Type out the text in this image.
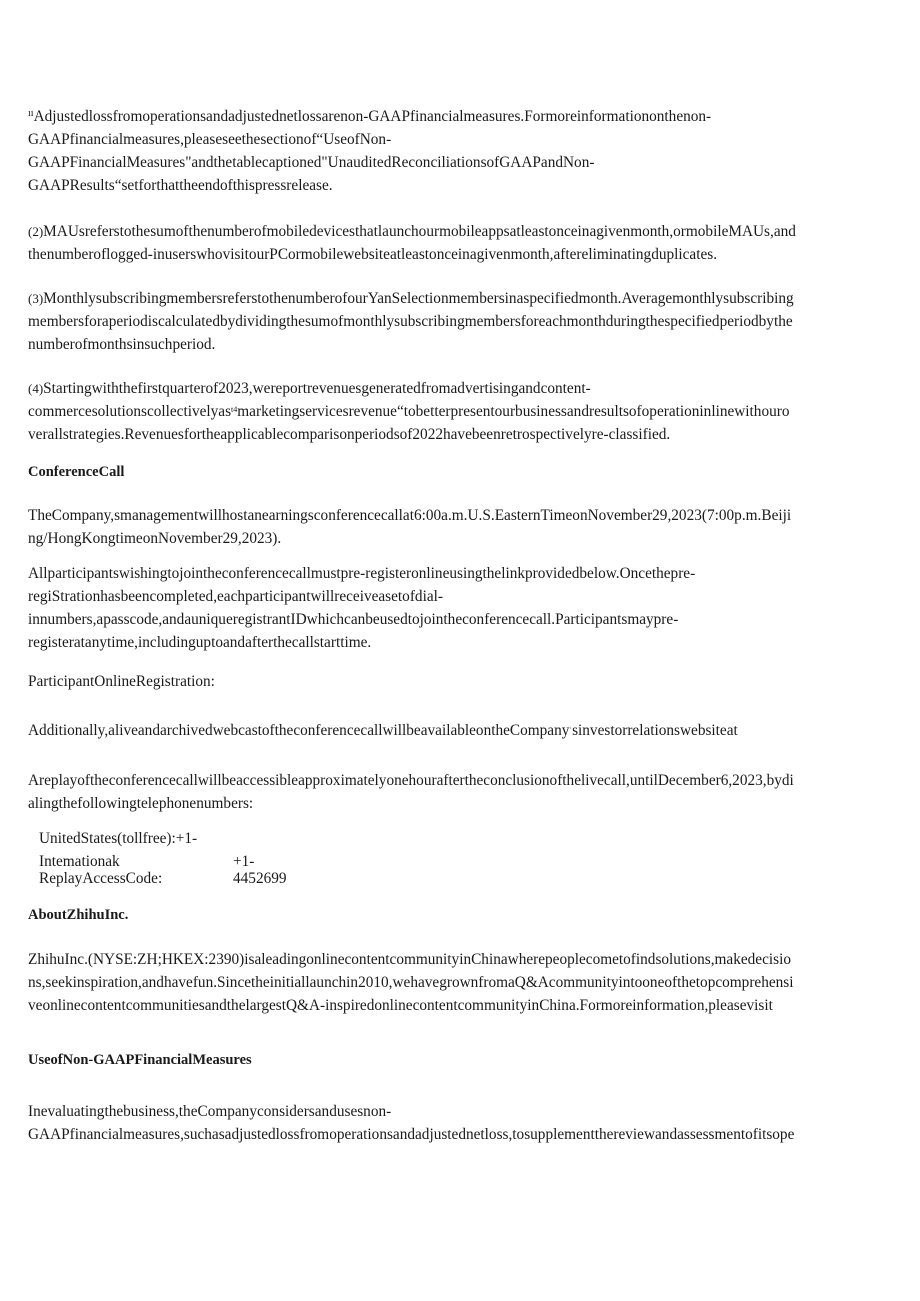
$^{ıı}$Adjustedlossfromoperationsandadjustednetlossarenon-GAAPfinancialmeasures.Formoreinformationonthenon-
GAAPfinancialmeasures,pleaseseethesectionof“UseofNon-
GAAPFinancialMeasures"andthetablecaptioned"UnauditedReconciliationsofGAAPandNon-
GAAPResults“setforthattheendofthispressrelease.
(2)MAUsreferstothesumofthenumberofmobiledevicesthatlaunchourmobileappsatleastonceinagivenmonth,ormobileMAUs,and
thenumberoflogged-inuserswhovisitourPCormobilewebsiteatleastonceinagivenmonth,aftereliminatingduplicates.
(3)MonthlysubscribingmembersreferstothenumberofourYanSelectionmembersinaspecifiedmonth.Averagemonthlysubscribing
membersforaperiodiscalculatedbydividingthesumofmonthlysubscribingmembersforeachmonthduringthespecifiedperiodbythe
numberofmonthsinsuchperiod.
(4)Startingwiththefirstquarterof2023,wereportrevenuesgeneratedfromadvertisingandcontent-
commercesolutionscollectivelyas$^{t4}$marketingservicesrevenue“tobetterpresentourbusinessandresultsofoperationinlinewithouro
verallstrategies.Revenuesfortheapplicablecomparisonperiodsof2022havebeenretrospectivelyre-classified.
ConferenceCall
TheCompany,smanagementwillhostanearningsconferencecallat6:00a.m.U.S.EasternTimeonNovember29,2023(7:00p.m.Beiji
ng/HongKongtimeonNovember29,2023).
Allparticipantswishingtojointheconferencecallmustpre-registeronlineusingthelinkprovidedbelow.Oncethepre-
regiStrationhasbeencompleted,eachparticipantwillreceiveasetofdial-
innumbers,apasscode,andauniqueregistrantIDwhichcanbeusedtojointheconferencecall.Participantsmaypre-
registeratanytime,includinguptoandafterthecallstarttime.
ParticipantOnlineRegistration:
Additionally,aliveandarchivedwebcastoftheconferencecallwillbeavailableontheCompany·sinvestorrelationswebsiteat
Areplayoftheconferencecallwillbeaccessibleapproximatelyonehouraftertheconclusionofthelivecall,untilDecember6,2023,bydi
alingthefollowingtelephonenumbers:
UnitedStates(tollfree):+1-
Intemationak	+1-
ReplayAccessCode:	4452699
AboutZhihuInc.
ZhihuInc.(NYSE:ZH;HKEX:2390)isaleadingonlinecontentcommunityinChinawherepeoplecometofindsolutions,makedecisio
ns,seekinspiration,andhavefun.Sincetheinitiallaunchin2010,wehavegrownfromaQ&Acommunityintooneofthetopcomprehensi
veonlinecontentcommunitiesandthelargestQ&A-inspiredonlinecontentcommunityinChina.Formoreinformation,pleasevisit
UseofNon-GAAPFinancialMeasures
Inevaluatingthebusiness,theCompanyconsidersandusesnon-
GAAPfinancialmeasures,suchasadjustedlossfromoperationsandadjustednetloss,tosupplementthereviewandassessmentofitsope
